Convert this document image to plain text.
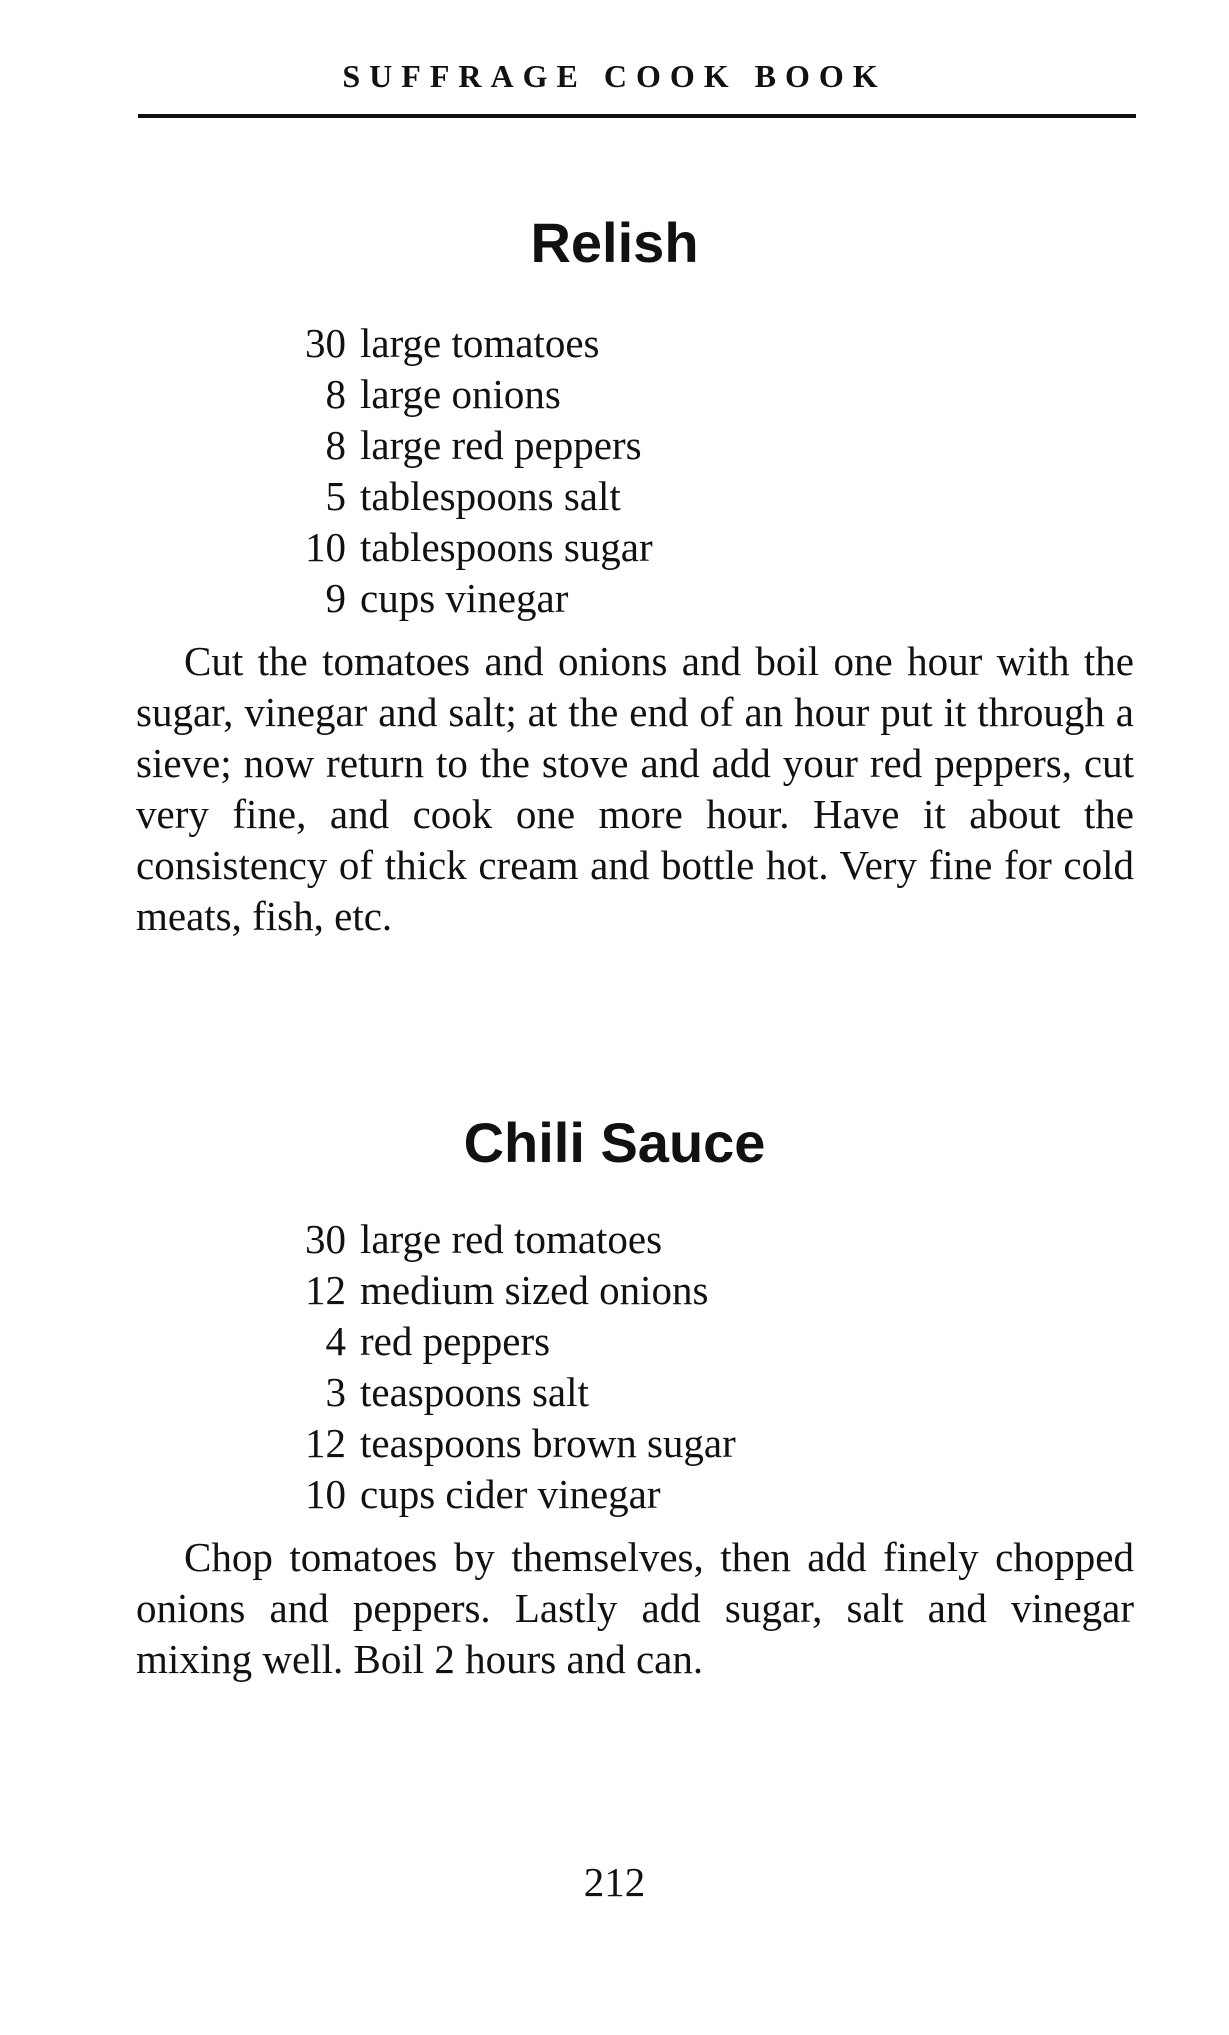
SUFFRAGE COOK BOOK
Relish
30 large tomatoes
8 large onions
8 large red peppers
5 tablespoons salt
10 tablespoons sugar
9 cups vinegar

Cut the tomatoes and onions and boil one hour with the sugar, vinegar and salt; at the end of an hour put it through a sieve; now return to the stove and add your red peppers, cut very fine, and cook one more hour. Have it about the consistency of thick cream and bottle hot. Very fine for cold meats, fish, etc.

Chili Sauce
30 large red tomatoes
12 medium sized onions
4 red peppers
3 teaspoons salt
12 teaspoons brown sugar
10 cups cider vinegar

Chop tomatoes by themselves, then add finely chopped onions and peppers. Lastly add sugar, salt and vinegar mixing well. Boil 2 hours and can.

212
